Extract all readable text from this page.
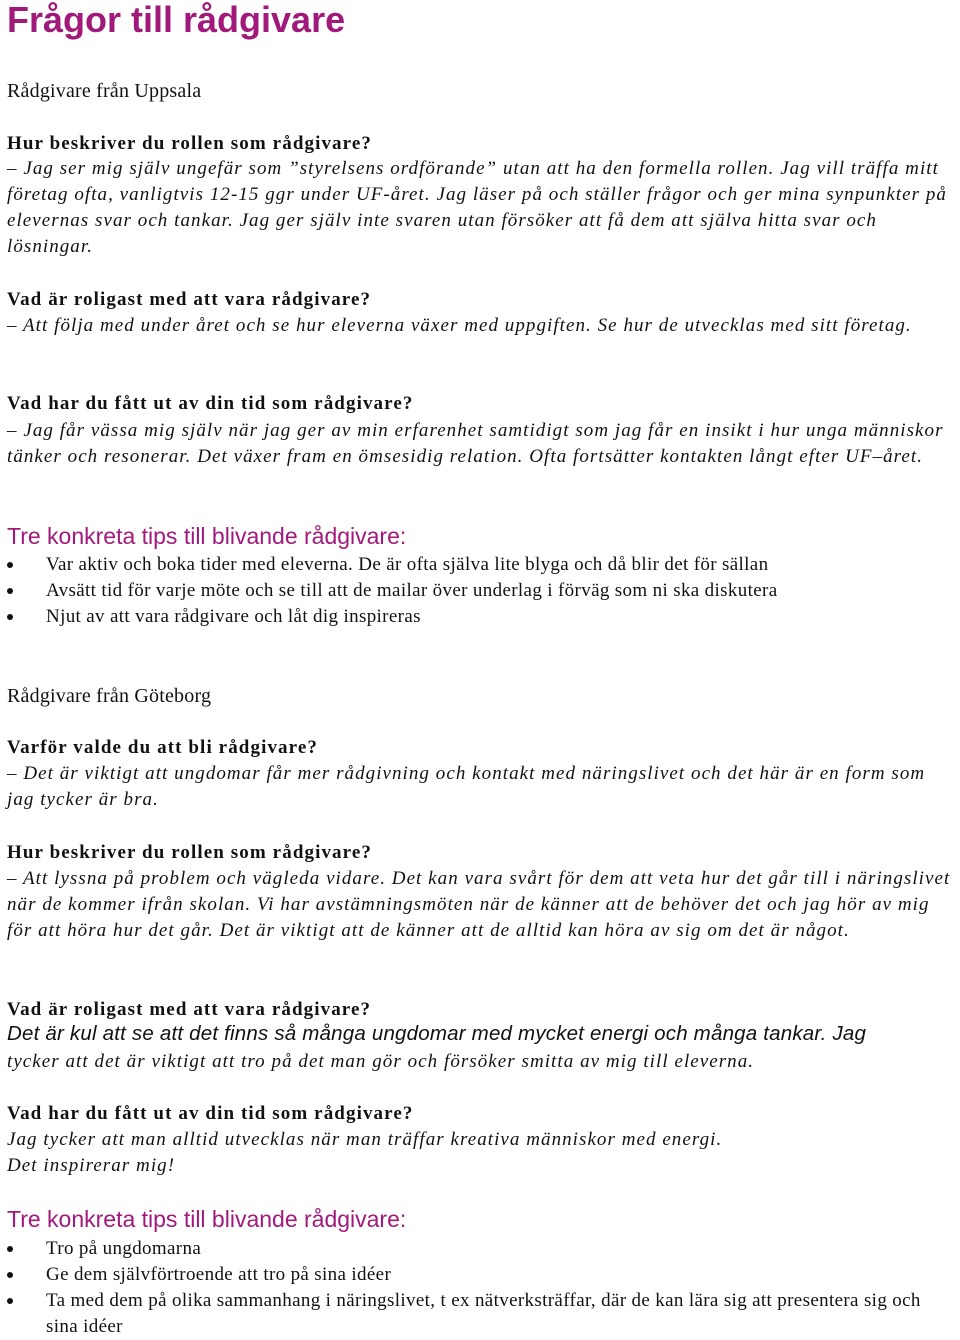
Frågor till rådgivare
Rådgivare från Uppsala
Hur beskriver du rollen som rådgivare?
– Jag ser mig själv ungefär som ”styrelsens ordförande” utan att ha den formella rollen. Jag vill träffa mitt företag ofta, vanligtvis 12-15 ggr under UF-året. Jag läser på och ställer frågor och ger mina synpunkter på elevernas svar och tankar. Jag ger själv inte svaren utan försöker att få dem att själva hitta svar och lösningar.
Vad är roligast med att vara rådgivare?
– Att följa med under året och se hur eleverna växer med uppgiften. Se hur de utvecklas med sitt företag.
Vad har du fått ut av din tid som rådgivare?
– Jag får vässa mig själv när jag ger av min erfarenhet samtidigt som jag får en insikt i hur unga människor tänker och resonerar. Det växer fram en ömsesidig relation. Ofta fortsätter kontakten långt efter UF–året.
Tre konkreta tips till blivande rådgivare:
Var aktiv och boka tider med eleverna. De är ofta själva lite blyga och då blir det för sällan
Avsätt tid för varje möte och se till att de mailar över underlag i förväg som ni ska diskutera
Njut av att vara rådgivare och låt dig inspireras
Rådgivare från Göteborg
Varför valde du att bli rådgivare?
– Det är viktigt att ungdomar får mer rådgivning och kontakt med näringslivet och det här är en form som jag tycker är bra.
Hur beskriver du rollen som rådgivare?
– Att lyssna på problem och vägleda vidare. Det kan vara svårt för dem att veta hur det går till i näringslivet när de kommer ifrån skolan. Vi har avstämningsmöten när de känner att de behöver det och jag hör av mig för att höra hur det går. Det är viktigt att de känner att de alltid kan höra av sig om det är något.
Vad är roligast med att vara rådgivare?
Det är kul att se att det finns så många ungdomar med mycket energi och många tankar. Jag
tycker att det är viktigt att tro på det man gör och försöker smitta av mig till eleverna.
Vad har du fått ut av din tid som rådgivare?
Jag tycker att man alltid utvecklas när man träffar kreativa människor med energi.
Det inspirerar mig!
Tre konkreta tips till blivande rådgivare:
Tro på ungdomarna
Ge dem självförtroende att tro på sina idéer
Ta med dem på olika sammanhang i näringslivet, t ex nätverksträffar, där de kan lära sig att presentera sig och sina idéer
